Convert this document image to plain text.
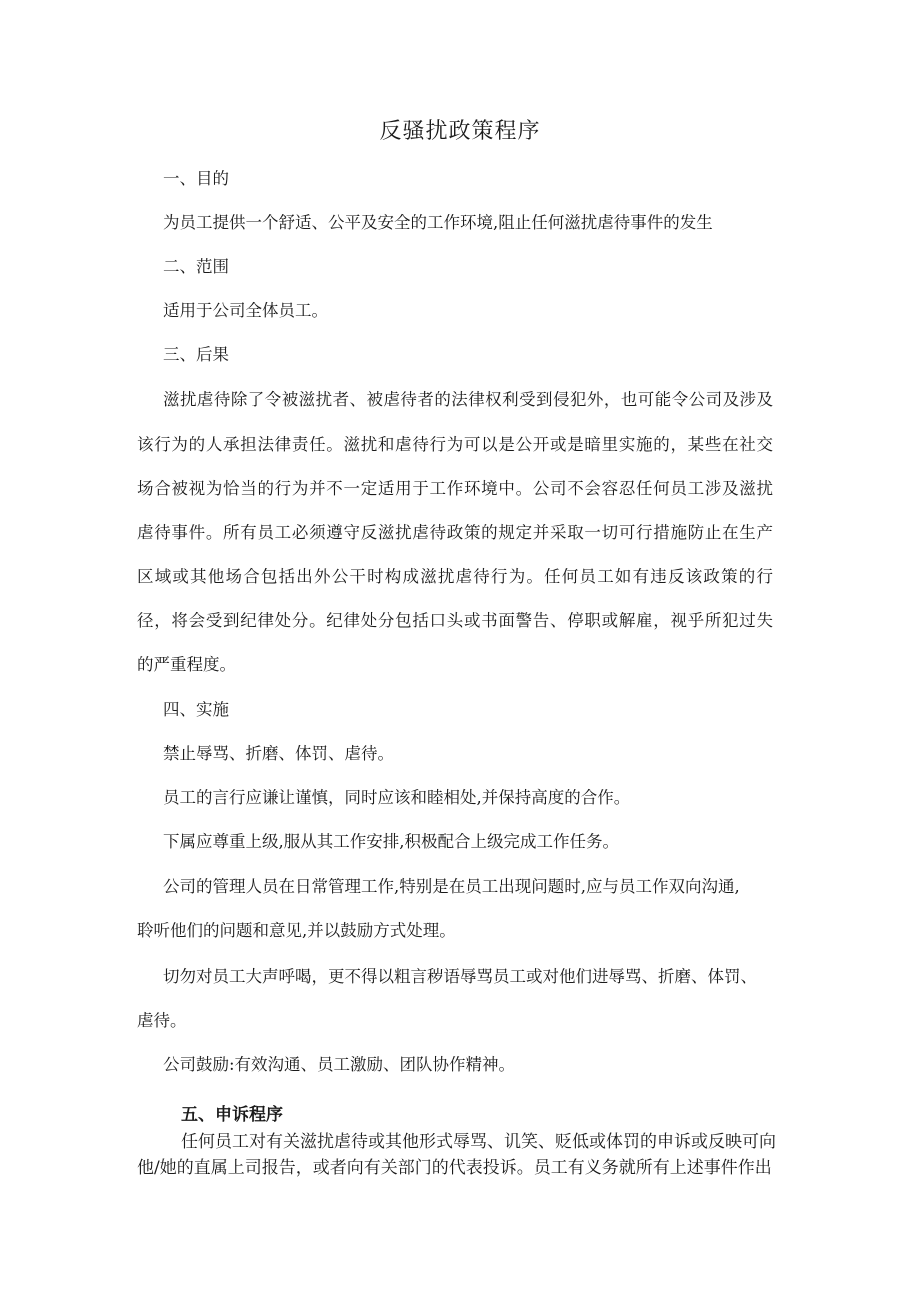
反骚扰政策程序
一、目的
为员工提供一个舒适、公平及安全的工作环境,阻止任何滋扰虐待事件的发生
二、范围
适用于公司全体员工。
三、后果
滋扰虐待除了令被滋扰者、被虐待者的法律权利受到侵犯外，也可能令公司及涉及
该行为的人承担法律责任。滋扰和虐待行为可以是公开或是暗里实施的，某些在社交
场合被视为恰当的行为并不一定适用于工作环境中。公司不会容忍任何员工涉及滋扰
虐待事件。所有员工必须遵守反滋扰虐待政策的规定并采取一切可行措施防止在生产
区域或其他场合包括出外公干时构成滋扰虐待行为。任何员工如有违反该政策的行
径，将会受到纪律处分。纪律处分包括口头或书面警告、停职或解雇，视乎所犯过失
的严重程度。
四、实施
禁止辱骂、折磨、体罚、虐待。
员工的言行应谦让谨慎，同时应该和睦相处,并保持高度的合作。
下属应尊重上级,服从其工作安排,积极配合上级完成工作任务。
公司的管理人员在日常管理工作,特别是在员工出现问题时,应与员工作双向沟通,
聆听他们的问题和意见,并以鼓励方式处理。
切勿对员工大声呼喝，更不得以粗言秽语辱骂员工或对他们进辱骂、折磨、体罚、
虐待。
公司鼓励:有效沟通、员工激励、团队协作精神。
五、申诉程序
任何员工对有关滋扰虐待或其他形式辱骂、讥笑、贬低或体罚的申诉或反映可向
他/她的直属上司报告，或者向有关部门的代表投诉。员工有义务就所有上述事件作出
